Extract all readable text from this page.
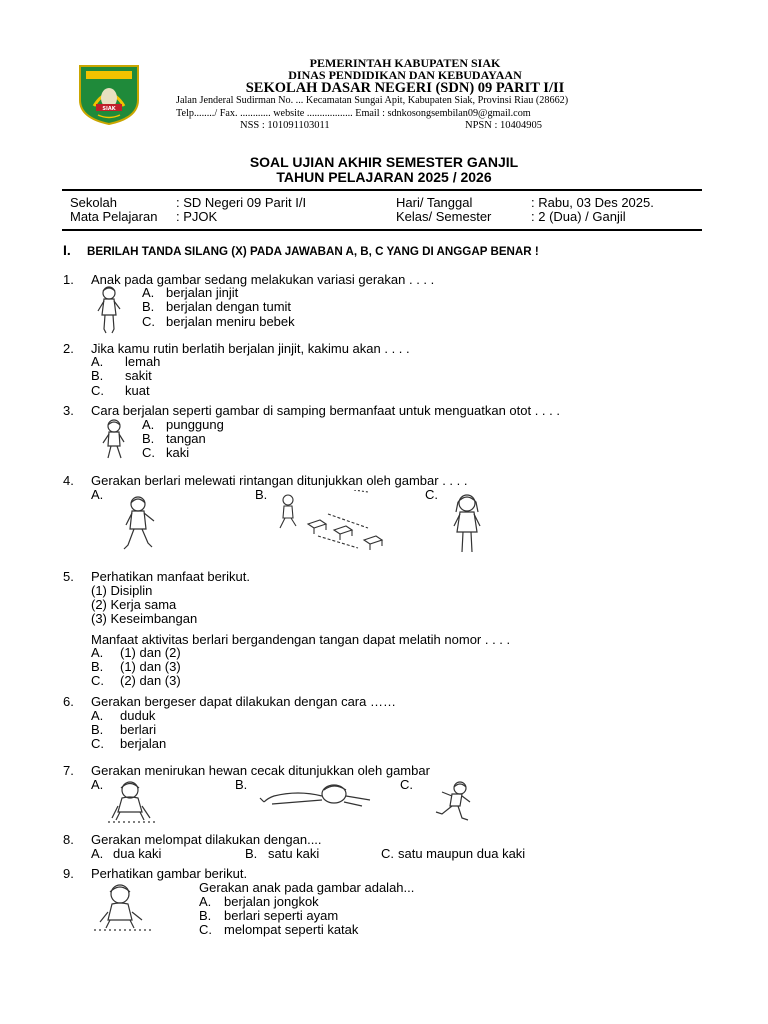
SIAK
PEMERINTAH KABUPATEN SIAK
DINAS PENDIDIKAN DAN KEBUDAYAAN
SEKOLAH DASAR NEGERI (SDN) 09 PARIT I/II
Jalan Jenderal Sudirman No. ... Kecamatan Sungai Apit, Kabupaten Siak, Provinsi Riau (28662)
Telp......../ Fax. ............ website .................. Email : sdnkosongsembilan09@gmail.com
NSS : 101091103011	NPSN : 10404905
SOAL UJIAN AKHIR SEMESTER GANJIL
TAHUN PELAJARAN 2025 / 2026
Sekolah	: SD Negeri 09 Parit I/I	Hari/ Tanggal	: Rabu, 03 Des 2025.
Mata Pelajaran : PJOK	Kelas/ Semester	: 2 (Dua) / Ganjil
I. BERILAH TANDA SILANG (X) PADA JAWABAN A, B, C YANG DI ANGGAP BENAR !
1. Anak pada gambar sedang melakukan variasi gerakan . . . .
A. berjalan jinjit
B. berjalan dengan tumit
C. berjalan meniru bebek
2. Jika kamu rutin berlatih berjalan jinjit, kakimu akan . . . .
A. lemah
B. sakit
C. kuat
3. Cara berjalan seperti gambar di samping bermanfaat untuk menguatkan otot . . . .
A. punggung
B. tangan
C. kaki
4. Gerakan berlari melewati rintangan ditunjukkan oleh gambar . . . .
A.	B.	C.
5. Perhatikan manfaat berikut.
(1) Disiplin
(2) Kerja sama
(3) Keseimbangan
Manfaat aktivitas berlari bergandengan tangan dapat melatih nomor . . . .
A. (1) dan (2)
B. (1) dan (3)
C. (2) dan (3)
6. Gerakan bergeser dapat dilakukan dengan cara ……
A. duduk
B. berlari
C. berjalan
7. Gerakan menirukan hewan cecak ditunjukkan oleh gambar
A.	B.	C.
8. Gerakan melompat dilakukan dengan....
A. dua kaki	B. satu kaki	C. satu maupun dua kaki
9. Perhatikan gambar berikut.
Gerakan anak pada gambar adalah...
A. berjalan jongkok
B. berlari seperti ayam
C. melompat seperti katak
